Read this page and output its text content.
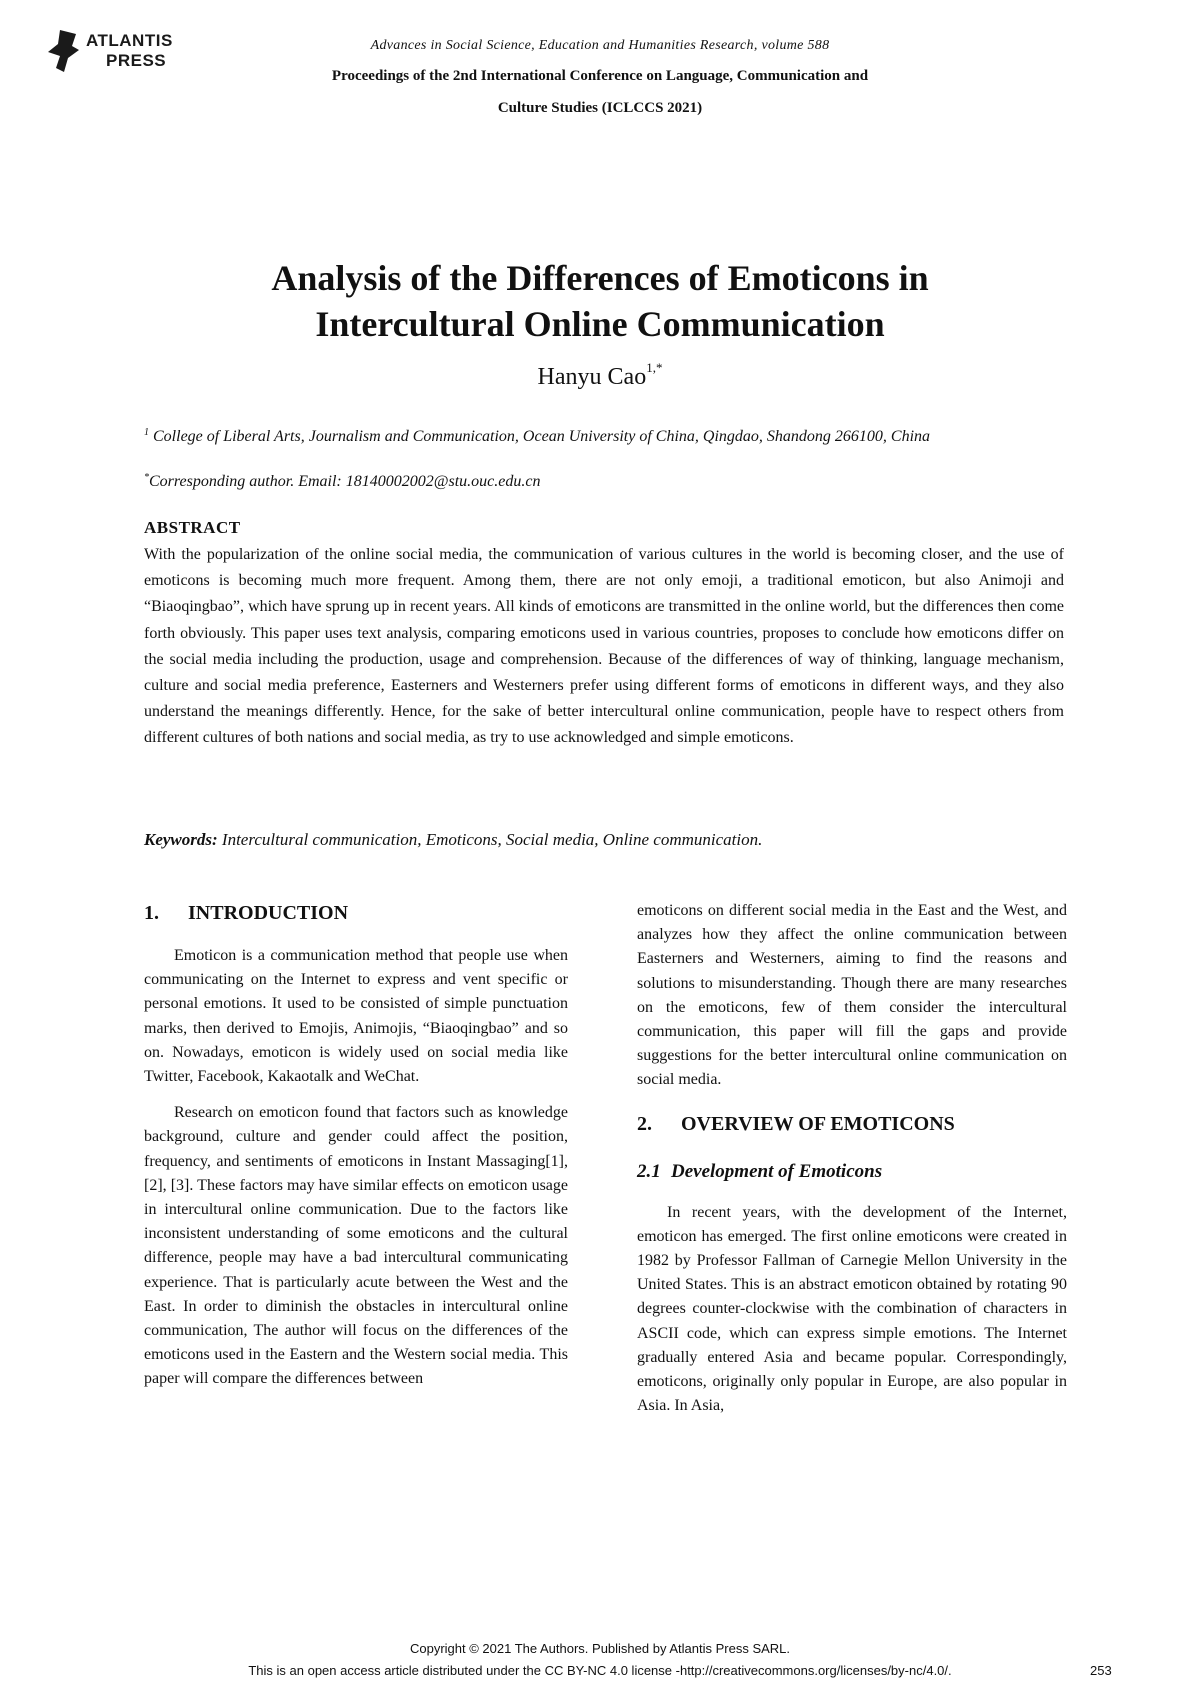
ATLANTIS
PRESS
Advances in Social Science, Education and Humanities Research, volume 588
Proceedings of the 2nd International Conference on Language, Communication and
Culture Studies (ICLCCS 2021)
Analysis of the Differences of Emoticons in
Intercultural Online Communication
Hanyu Cao$^{1,*}$
$^1$ College of Liberal Arts, Journalism and Communication, Ocean University of China, Qingdao, Shandong 266100, China
*Corresponding author. Email: 18140002002@stu.ouc.edu.cn
ABSTRACT
With the popularization of the online social media, the communication of various cultures in the world is becoming closer, and the use of emoticons is becoming much more frequent. Among them, there are not only emoji, a traditional emoticon, but also Animoji and “Biaoqingbao”, which have sprung up in recent years. All kinds of emoticons are transmitted in the online world, but the differences then come forth obviously. This paper uses text analysis, comparing emoticons used in various countries, proposes to conclude how emoticons differ on the social media including the production, usage and comprehension. Because of the differences of way of thinking, language mechanism, culture and social media preference, Easterners and Westerners prefer using different forms of emoticons in different ways, and they also understand the meanings differently. Hence, for the sake of better intercultural online communication, people have to respect others from different cultures of both nations and social media, as try to use acknowledged and simple emoticons.
Keywords: Intercultural communication, Emoticons, Social media, Online communication.
1. INTRODUCTION

Emoticon is a communication method that people use when communicating on the Internet to express and vent specific or personal emotions. It used to be consisted of simple punctuation marks, then derived to Emojis, Animojis, “Biaoqingbao” and so on. Nowadays, emoticon is widely used on social media like Twitter, Facebook, Kakaotalk and WeChat.

Research on emoticon found that factors such as knowledge background, culture and gender could affect the position, frequency, and sentiments of emoticons in Instant Massaging[1], [2], [3]. These factors may have similar effects on emoticon usage in intercultural online communication. Due to the factors like inconsistent understanding of some emoticons and the cultural difference, people may have a bad intercultural communicating experience. That is particularly acute between the West and the East. In order to diminish the obstacles in intercultural online communication, The author will focus on the differences of the emoticons used in the Eastern and the Western social media. This paper will compare the differences between

emoticons on different social media in the East and the West, and analyzes how they affect the online communication between Easterners and Westerners, aiming to find the reasons and solutions to misunderstanding. Though there are many researches on the emoticons, few of them consider the intercultural communication, this paper will fill the gaps and provide suggestions for the better intercultural online communication on social media.

2. OVERVIEW OF EMOTICONS
2.1 Development of Emoticons

In recent years, with the development of the Internet, emoticon has emerged. The first online emoticons were created in 1982 by Professor Fallman of Carnegie Mellon University in the United States. This is an abstract emoticon obtained by rotating 90 degrees counter-clockwise with the combination of characters in ASCII code, which can express simple emotions. The Internet gradually entered Asia and became popular. Correspondingly, emoticons, originally only popular in Europe, are also popular in Asia. In Asia,

Copyright © 2021 The Authors. Published by Atlantis Press SARL.
This is an open access article distributed under the CC BY-NC 4.0 license -http://creativecommons.org/licenses/by-nc/4.0/.	253
